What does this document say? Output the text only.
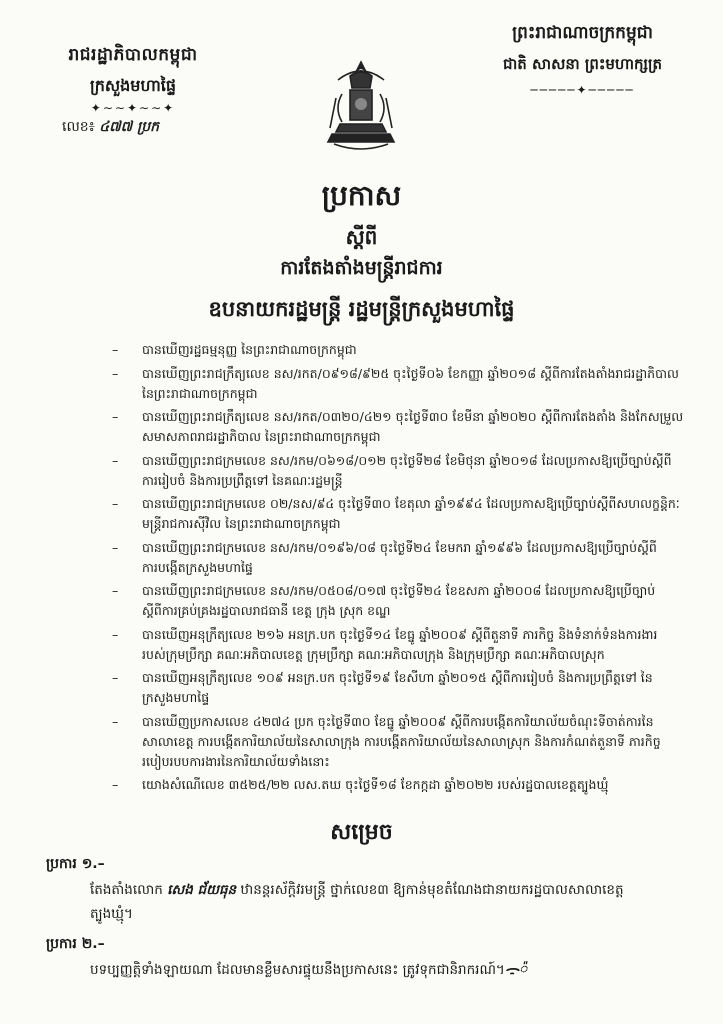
រាជរដ្ឋាភិបាលកម្ពុជា
ក្រសួងមហាផ្ទៃ
✦∼∼✦∼∼✦
លេខ៖ ៤៧៧ ប្រក
ព្រះរាជាណាចក្រកម្ពុជា
ជាតិ សាសនា ព្រះមហាក្សត្រ
─────✦─────
ប្រកាស
ស្តីពី
ការតែងតាំងមន្ត្រីរាជការ
ឧបនាយករដ្ឋមន្ត្រី រដ្ឋមន្ត្រីក្រសួងមហាផ្ទៃ
– បានឃើញរដ្ឋធម្មនុញ្ញ នៃព្រះរាជាណាចក្រកម្ពុជា
– បានឃើញព្រះរាជក្រឹត្យលេខ នស/រកត/០៩១៨/៩២៥ ចុះថ្ងៃទី០៦ ខែកញ្ញា ឆ្នាំ២០១៨ ស្តីពីការតែងតាំងរាជរដ្ឋាភិបាល
នៃព្រះរាជាណាចក្រកម្ពុជា
– បានឃើញព្រះរាជក្រឹត្យលេខ នស/រកត/០៣២០/៤២១ ចុះថ្ងៃទី៣០ ខែមីនា ឆ្នាំ២០២០ ស្តីពីការតែងតាំង និងកែសម្រួល
សមាសភាពរាជរដ្ឋាភិបាល នៃព្រះរាជាណាចក្រកម្ពុជា
– បានឃើញព្រះរាជក្រមលេខ នស/រកម/០៦១៨/០១២ ចុះថ្ងៃទី២៨ ខែមិថុនា ឆ្នាំ២០១៨ ដែលប្រកាសឱ្យប្រើច្បាប់ស្តីពី
ការរៀបចំ និងការប្រព្រឹត្តទៅ នៃគណៈរដ្ឋមន្ត្រី
– បានឃើញព្រះរាជក្រមលេខ ០២/នស/៩៤ ចុះថ្ងៃទី៣០ ខែតុលា ឆ្នាំ១៩៩៤ ដែលប្រកាសឱ្យប្រើច្បាប់ស្តីពីសហលក្ខន្តិកៈ
មន្ត្រីរាជការស៊ីវិល នៃព្រះរាជាណាចក្រកម្ពុជា
– បានឃើញព្រះរាជក្រមលេខ នស/រកម/០១៩៦/០៨ ចុះថ្ងៃទី២៤ ខែមករា ឆ្នាំ១៩៩៦ ដែលប្រកាសឱ្យប្រើច្បាប់ស្តីពី
ការបង្កើតក្រសួងមហាផ្ទៃ
– បានឃើញព្រះរាជក្រមលេខ នស/រកម/០៥០៨/០១៧ ចុះថ្ងៃទី២៤ ខែឧសភា ឆ្នាំ២០០៨ ដែលប្រកាសឱ្យប្រើច្បាប់
ស្តីពីការគ្រប់គ្រងរដ្ឋបាលរាជធានី ខេត្ត ក្រុង ស្រុក ខណ្ឌ
– បានឃើញអនុក្រឹត្យលេខ ២១៦ អនក្រ.បក ចុះថ្ងៃទី១៤ ខែធ្នូ ឆ្នាំ២០០៩ ស្តីពីតួនាទី ភារកិច្ច និងទំនាក់ទំនងការងារ
របស់ក្រុមប្រឹក្សា គណៈអភិបាលខេត្ត ក្រុមប្រឹក្សា គណៈអភិបាលក្រុង និងក្រុមប្រឹក្សា គណៈអភិបាលស្រុក
– បានឃើញអនុក្រឹត្យលេខ ១០៩ អនក្រ.បក ចុះថ្ងៃទី១៩ ខែសីហា ឆ្នាំ២០១៥ ស្តីពីការរៀបចំ និងការប្រព្រឹត្តទៅ នៃ
ក្រសួងមហាផ្ទៃ
– បានឃើញប្រកាសលេខ ៤២៧៤ ប្រក ចុះថ្ងៃទី៣០ ខែធ្នូ ឆ្នាំ២០០៩ ស្តីពីការបង្កើតការិយាល័យចំណុះទីចាត់ការនៃ
សាលាខេត្ត ការបង្កើតការិយាល័យនៃសាលាក្រុង ការបង្កើតការិយាល័យនៃសាលាស្រុក និងការកំណត់តួនាទី ភារកិច្ច
របៀបរបបការងារនៃការិយាល័យទាំងនោះ
– យោងសំណើលេខ ៣៥២៥/២២ លស.តឃ ចុះថ្ងៃទី១៨ ខែកក្កដា ឆ្នាំ២០២២ របស់រដ្ឋបាលខេត្តត្បូងឃ្មុំ
សម្រេច
ប្រការ ១.–
តែងតាំងលោក សេង ជ័យធុន ឋានន្តរស័ក្តិវរមន្ត្រី ថ្នាក់លេខ៣ ឱ្យកាន់មុខតំណែងជានាយករដ្ឋបាលសាលាខេត្ត
ត្បូងឃ្មុំ។
ប្រការ ២.–
បទប្បញ្ញត្តិទាំងឡាយណា ដែលមានខ្លឹមសារផ្ទុយនឹងប្រកាសនេះ ត្រូវទុកជានិរាករណ៍។ᯙ៉
